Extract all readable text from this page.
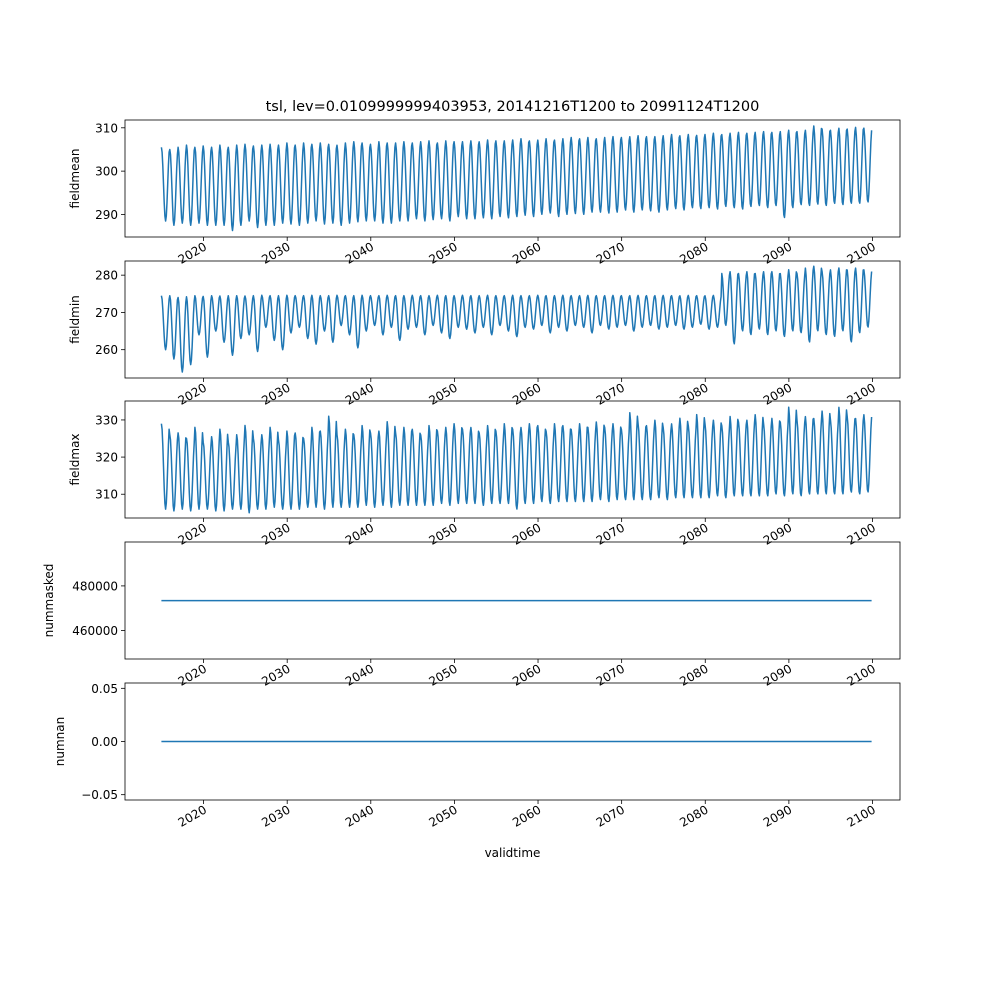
tsl, lev=0.0109999999403953, 20141216T1200 to 20991124T1200
290
300
310
fieldmean
2020	2030	2040	2050	2060	2070	2080	2090	2100
260
270
280
fieldmin
2020	2030	2040	2050	2060	2070	2080	2090	2100
310
320
330
fieldmax
2020	2030	2040	2050	2060	2070	2080	2090	2100
460000
480000
nummasked
2020	2030	2040	2050	2060	2070	2080	2090	2100
−0.05
0.00
0.05
numnan
2020	2030	2040	2050	2060	2070	2080	2090	2100
validtime
